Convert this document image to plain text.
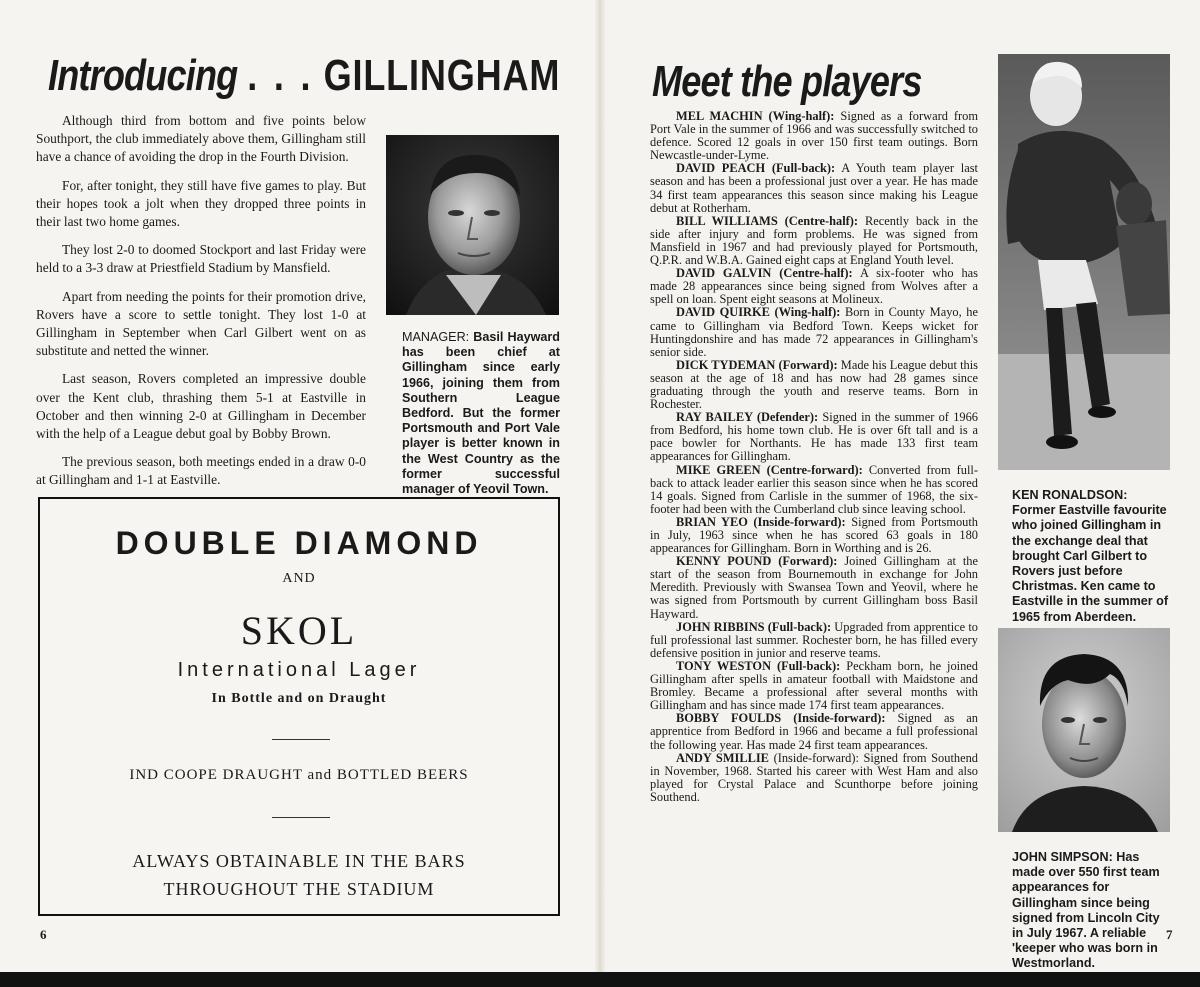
Introducing . . . GILLINGHAM

Although third from bottom and five points below Southport, the club immediately above them, Gillingham still have a chance of avoiding the drop in the Fourth Division.

For, after tonight, they still have five games to play. But their hopes took a jolt when they dropped three points in their last two home games.

They lost 2-0 to doomed Stockport and last Friday were held to a 3-3 draw at Priestfield Stadium by Mansfield.

Apart from needing the points for their promotion drive, Rovers have a score to settle tonight. They lost 1-0 at Gillingham in September when Carl Gilbert went on as substitute and netted the winner.

Last season, Rovers completed an impressive double over the Kent club, thrashing them 5-1 at Eastville in October and then winning 2-0 at Gillingham in December with the help of a League debut goal by Bobby Brown.

The previous season, both meetings ended in a draw 0-0 at Gillingham and 1-1 at Eastville.

MANAGER: Basil Hayward has been chief at Gillingham since early 1966, joining them from Southern League Bedford. But the former Portsmouth and Port Vale player is better known in the West Country as the former successful manager of Yeovil Town.
DOUBLE DIAMOND
AND
SKOL
International Lager
In Bottle and on Draught
IND COOPE DRAUGHT and BOTTLED BEERS
ALWAYS OBTAINABLE IN THE BARS
THROUGHOUT THE STADIUM
6
Meet the players

MEL MACHIN (Wing-half): Signed as a forward from Port Vale in the summer of 1966 and was successfully switched to defence. Scored 12 goals in over 150 first team outings. Born Newcastle-under-Lyme.

DAVID PEACH (Full-back): A Youth team player last season and has been a professional just over a year. He has made 34 first team appearances this season since making his League debut at Rotherham.

BILL WILLIAMS (Centre-half): Recently back in the side after injury and form problems. He was signed from Mansfield in 1967 and had previously played for Portsmouth, Q.P.R. and W.B.A. Gained eight caps at England Youth level.

DAVID GALVIN (Centre-half): A six-footer who has made 28 appearances since being signed from Wolves after a spell on loan. Spent eight seasons at Molineux.

DAVID QUIRKE (Wing-half): Born in County Mayo, he came to Gillingham via Bedford Town. Keeps wicket for Huntingdonshire and has made 72 appearances in Gillingham's senior side.

DICK TYDEMAN (Forward): Made his League debut this season at the age of 18 and has now had 28 games since graduating through the youth and reserve teams. Born in Rochester.

RAY BAILEY (Defender): Signed in the summer of 1966 from Bedford, his home town club. He is over 6ft tall and is a pace bowler for Northants. He has made 133 first team appearances for Gillingham.

MIKE GREEN (Centre-forward): Converted from full-back to attack leader earlier this season since when he has scored 14 goals. Signed from Carlisle in the summer of 1968, the six-footer had been with the Cumberland club since leaving school.

BRIAN YEO (Inside-forward): Signed from Portsmouth in July, 1963 since when he has scored 63 goals in 180 appearances for Gillingham. Born in Worthing and is 26.

KENNY POUND (Forward): Joined Gillingham at the start of the season from Bournemouth in exchange for John Meredith. Previously with Swansea Town and Yeovil, where he was signed from Portsmouth by current Gillingham boss Basil Hayward.

JOHN RIBBINS (Full-back): Upgraded from apprentice to full professional last summer. Rochester born, he has filled every defensive position in junior and reserve teams.

TONY WESTON (Full-back): Peckham born, he joined Gillingham after spells in amateur football with Maidstone and Bromley. Became a professional after several months with Gillingham and has since made 174 first team appearances.

BOBBY FOULDS (Inside-forward): Signed as an apprentice from Bedford in 1966 and became a full professional the following year. Has made 24 first team appearances.

ANDY SMILLIE (Inside-forward): Signed from Southend in November, 1968. Started his career with West Ham and also played for Crystal Palace and Scunthorpe before joining Southend.

KEN RONALDSON: Former Eastville favourite who joined Gillingham in the exchange deal that brought Carl Gilbert to Rovers just before Christmas. Ken came to Eastville in the summer of 1965 from Aberdeen.
JOHN SIMPSON: Has made over 550 first team appearances for Gillingham since being signed from Lincoln City in July 1967. A reliable 'keeper who was born in Westmorland.
7
